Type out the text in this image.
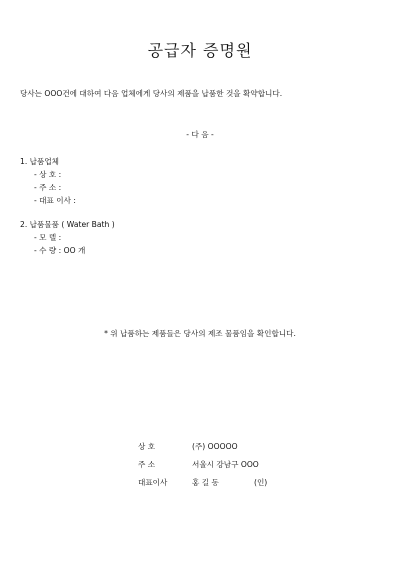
공급자 증명원
당사는 OOO건에 대하여 다음 업체에게 당사의 제품을 납품한 것을 확약합니다.
- 다 음 -
1. 납품업체
- 상 호 :
- 주 소 :
- 대표 이사 :
2. 납품물품 ( Water Bath )
- 모 델 :
- 수 량 : OO 개
* 위 납품하는 제품들은 당사의 제조 물품임을 확인합니다.
상 호	(주) OOOOO
주 소	서울시 강남구 OOO
대표이사	홍 길 동	(인)
